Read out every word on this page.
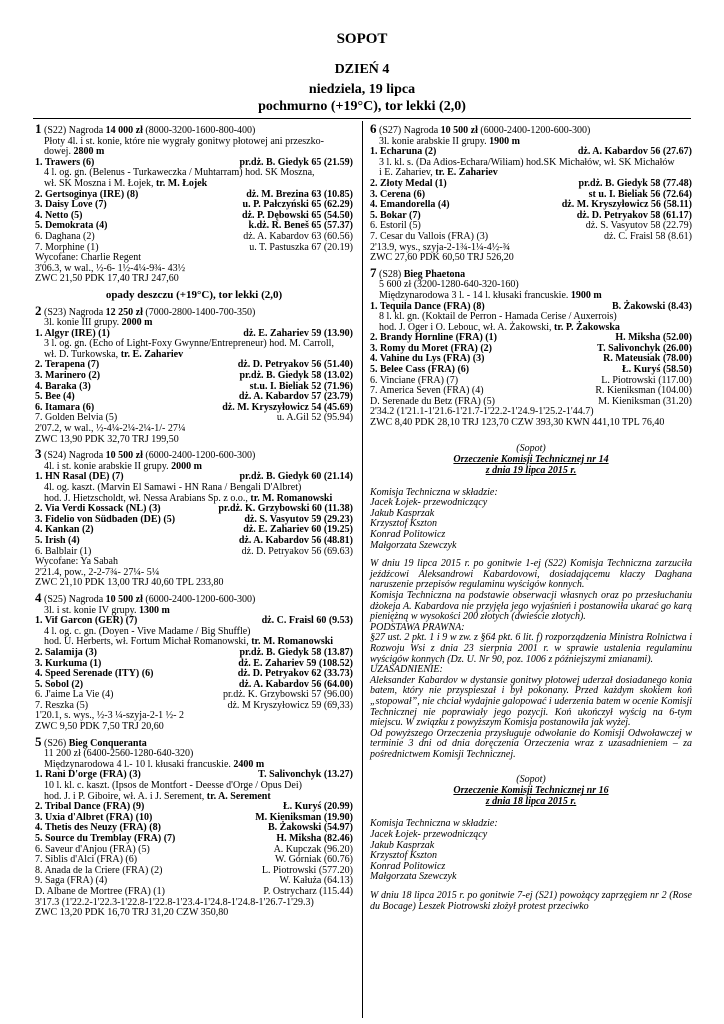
SOPOT
DZIEŃ 4
niedziela, 19 lipca
pochmurno (+19°C), tor lekki (2,0)
1 (S22) Nagroda 14 000 zł (8000-3200-1600-800-400)
Płoty 4l. i st. konie, które nie wygrały gonitwy płotowej ani przeszko-
dowej. 2800 m
1. Trawers (6)	pr.dż. B. Giedyk 65 (21.59)
4 l. og. gn. (Belenus - Turkaweczka / Muhtarram) hod. SK Moszna,
wł. SK Moszna i M. Łojek, tr. M. Łojek
2. Gertsoginya (IRE) (8)	dż. M. Brezina 63 (10.85)
3. Daisy Love (7)	u. P. Pałczyński 65 (62.29)
4. Netto (5)	dż. P. Dębowski 65 (54.50)
5. Demokrata (4)	k.dż. R. Beneš 65 (57.37)
6. Daghana (2)	dż. A. Kabardov 63 (60.56)
7. Morphine (1)	u. T. Pastuszka 67 (20.19)
Wycofane: Charlie Regent
3'06.3, w wal., ½-6- 1½-4¼-9¾- 43½
ZWC 21,50 PDK 17,40 TRJ 247,60
opady deszczu (+19°C), tor lekki (2,0)
2 (S23) Nagroda 12 250 zł (7000-2800-1400-700-350)
3l. konie III grupy. 2000 m
1. Algyr (IRE) (1)	dż. E. Zahariev 59 (13.90)
3 l. og. gn. (Echo of Light-Foxy Gwynne/Entrepreneur) hod. M. Carroll,
wł. D. Turkowska, tr. E. Zahariev
2. Terapena (7)	dż. D. Petryakov 56 (51.40)
3. Marinero (2)	pr.dż. B. Giedyk 58 (13.02)
4. Baraka (3)	st.u. I. Bieliak 52 (71.96)
5. Bee (4)	dż. A. Kabardov 57 (23.79)
6. Itamara (6)	dż. M. Kryszyłowicz 54 (45.69)
7. Golden Belvia (5)	u. A.Gil 52 (95.94)
2'07.2, w wal., ½-4¼-2¼-2¼-1/- 27¼
ZWC 13,90 PDK 32,70 TRJ 199,50
3 (S24) Nagroda 10 500 zł (6000-2400-1200-600-300)
4l. i st. konie arabskie II grupy. 2000 m
1. HN Rasal (DE) (7)	pr.dż. B. Giedyk 60 (21.14)
4l. og. kaszt. (Marvin El Samawi - HN Rana / Bengali D'Albret)
hod. J. Hietzscholdt, wł. Nessa Arabians Sp. z o.o., tr. M. Romanowski
2. Via Verdi Kossack (NL) (3)	pr.dż. K. Grzybowski 60 (11.38)
3. Fidelio von Südbaden (DE) (5)	dż. S. Vasyutov 59 (29.23)
4. Kankan (2)	dż. E. Zahariev 60 (19.25)
5. Irish (4)	dż. A. Kabardov 56 (48.81)
6. Balblair (1)	dż. D. Petryakov 56 (69.63)
Wycofane: Ya Sabah
2'21.4, pow., 2-2-7¾- 27¼- 5¼
ZWC 21,10 PDK 13,00 TRJ 40,60 TPL 233,80
4 (S25) Nagroda 10 500 zł (6000-2400-1200-600-300)
3l. i st. konie IV grupy. 1300 m
1. Vif Garcon (GER) (7)	dż. C. Fraisl 60 (9.53)
4 l. og. c. gn. (Doyen - Vive Madame / Big Shuffle)
hod. U. Herberts, wł. Fortum Michał Romanowski, tr. M. Romanowski
2. Salamija (3)	pr.dż. B. Giedyk 58 (13.87)
3. Kurkuma (1)	dż. E. Zahariev 59 (108.52)
4. Speed Serenade (ITY) (6)	dż. D. Petryakov 62 (33.73)
5. Sobol (2)	dż. A. Kabardov 56 (64.00)
6. J'aime La Vie (4)	pr.dż. K. Grzybowski 57 (96.00)
7. Reszka (5)	dż. M Kryszyłowicz 59 (69,33)
1'20.1, s. wys., ½-3 ¼-szyja-2-1 ½- 2
ZWC 9,50 PDK 7,50 TRJ 20,60
5 (S26) Bieg Conqueranta
11 200 zł (6400-2560-1280-640-320)
Międzynarodowa 4 l.- 10 l. kłusaki francuskie. 2400 m
1. Rani D'orge (FRA) (3)	T. Salivonchyk (13.27)
10 l. kl. c. kaszt. (Ipsos de Montfort - Deesse d'Orge / Opus Dei)
hod. J. i P. Giboire, wł. A. i J. Serement, tr. A. Serement
2. Tribal Dance (FRA) (9)	Ł. Kuryś (20.99)
3. Uxia d'Albret (FRA) (10)	M. Kieniksman (19.90)
4. Thetis des Neuzy (FRA) (8)	B. Żakowski (54.97)
5. Source du Tremblay (FRA) (7)	H. Miksha (82.46)
6. Saveur d'Anjou (FRA) (5)	A. Kupczak (96.20)
7. Siblis d'Alci (FRA) (6)	W. Górniak (60.76)
8. Anada de la Criere (FRA) (2)	L. Piotrowski (577.20)
9. Saga (FRA) (4)	W. Kałuża (64.13)
D. Albane de Mortree (FRA) (1)	P. Ostrycharz (115.44)
3'17.3 (1'22.2-1'22.3-1'22.8-1'22.8-1'23.4-1'24.8-1'24.8-1'26.7-1'29.3)
ZWC 13,20 PDK 16,70 TRJ 31,20 CZW 350,80
6 (S27) Nagroda 10 500 zł (6000-2400-1200-600-300)
3l. konie arabskie II grupy. 1900 m
1. Echaruna (2)	dż. A. Kabardov 56 (27.67)
3 l. kl. s. (Da Adios-Echara/Wiliam) hod.SK Michałów, wł. SK Michałów
i E. Zahariev, tr. E. Zahariev
2. Złoty Medal (1)	pr.dż. B. Giedyk 58 (77.48)
3. Cerena (6)	st u. I. Bieliak 56 (72.64)
4. Emandorella (4)	dż. M. Kryszyłowicz 56 (58.11)
5. Bokar (7)	dż. D. Petryakov 58 (61.17)
6. Estoril (5)	dż. S. Vasyutov 58 (22.79)
7. Cesar du Vallois (FRA) (3)	dż. C. Fraisl 58 (8.61)
2'13.9, wys., szyja-2-1¾-1¼-4½-¾
ZWC 27,60 PDK 60,50 TRJ 526,20
7 (S28) Bieg Phaetona
5 600 zł (3200-1280-640-320-160)
Międzynarodowa 3 l. - 14 l. kłusaki francuskie. 1900 m
1. Tequila Dance (FRA) (8)	B. Żakowski (8.43)
8 l. kl. gn. (Koktail de Perron - Hamada Cerise / Auxerrois)
hod. J. Oger i O. Lebouc, wł. A. Żakowski, tr. P. Żakowska
2. Brandy Hornline (FRA) (1)	H. Miksha (52.00)
3. Romy du Moret (FRA) (2)	T. Salivonchyk (26.00)
4. Vahine du Lys (FRA) (3)	R. Mateusiak (78.00)
5. Belee Cass (FRA) (6)	Ł. Kuryś (58.50)
6. Vinciane (FRA) (7)	L. Piotrowski (117.00)
7. America Seven (FRA) (4)	R. Kieniksman (104.00)
D. Serenade du Betz (FRA) (5)	M. Kieniksman (31.20)
2'34.2 (1'21.1-1'21.6-1'21.7-1'22.2-1'24.9-1'25.2-1'44.7)
ZWC 8,40 PDK 28,10 TRJ 123,70 CZW 393,30 KWN 441,10 TPL 76,40
(Sopot)
Orzeczenie Komisji Technicznej nr 14
z dnia 19 lipca 2015 r.
Komisja Techniczna w składzie:
Jacek Łojek- przewodniczący
Jakub Kasprzak
Krzysztof Kszton
Konrad Politowicz
Małgorzata Szewczyk
W dniu 19 lipca 2015 r. po gonitwie 1-ej (S22) Komisja Techniczna zarzuciła jeźdźcowi Aleksandrowi Kabardovowi, dosiadającemu klaczy Daghana naruszenie przepisów regulaminu wyścigów konnych.
Komisja Techniczna na podstawie obserwacji własnych oraz po przesłuchaniu dżokeja A. Kabardova nie przyjęła jego wyjaśnień i postanowiła ukarać go karą pieniężną w wysokości 200 złotych (dwieście złotych).
PODSTAWA PRAWNA:
§27 ust. 2 pkt. 1 i 9 w zw. z §64 pkt. 6 lit. f) rozporządzenia Ministra Rolnictwa i Rozwoju Wsi z dnia 23 sierpnia 2001 r. w sprawie ustalenia regulaminu wyścigów konnych (Dz. U. Nr 90, poz. 1006 z późniejszymi zmianami).
UZASADNIENIE:
Aleksander Kabardov w dystansie gonitwy płotowej uderzał dosiadanego konia batem, który nie przyspieszał i był pokonany. Przed każdym skokiem koń „stopował”, nie chciał wydajnie galopować i uderzenia batem w ocenie Komisji Technicznej nie poprawiały jego pozycji. Koń ukończył wyścig na 6-tym miejscu. W związku z powyższym Komisja postanowiła jak wyżej.
Od powyższego Orzeczenia przysługuje odwołanie do Komisji Odwoławczej w terminie 3 dni od dnia doręczenia Orzeczenia wraz z uzasadnieniem – za pośrednictwem Komisji Technicznej.
(Sopot)
Orzeczenie Komisji Technicznej nr 16
z dnia 18 lipca 2015 r.
Komisja Techniczna w składzie:
Jacek Łojek- przewodniczący
Jakub Kasprzak
Krzysztof Kszton
Konrad Politowicz
Małgorzata Szewczyk
W dniu 18 lipca 2015 r. po gonitwie 7-ej (S21) powożący zaprzęgiem nr 2 (Rose du Bocage) Leszek Piotrowski złożył protest przeciwko
